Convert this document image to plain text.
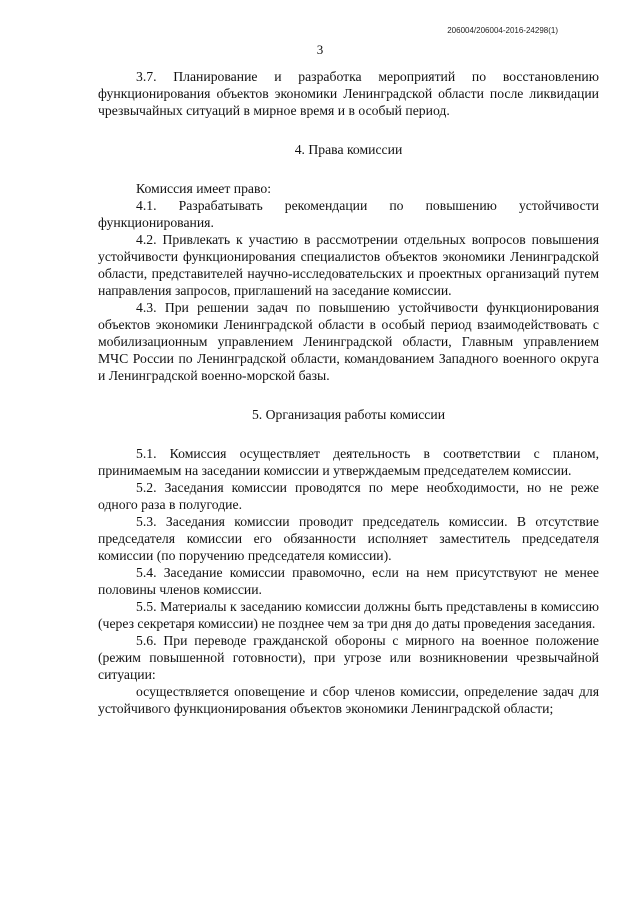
206004/206004-2016-24298(1)
3

3.7. Планирование и разработка мероприятий по восстановлению функционирования объектов экономики Ленинградской области после ликвидации чрезвычайных ситуаций в мирное время и в особый период.

4. Права комиссии

Комиссия имеет право:

4.1. Разрабатывать рекомендации по повышению устойчивости функционирования.

4.2. Привлекать к участию в рассмотрении отдельных вопросов повышения устойчивости функционирования специалистов объектов экономики Ленинградской области, представителей научно-исследовательских и проектных организаций путем направления запросов, приглашений на заседание комиссии.

4.3. При решении задач по повышению устойчивости функционирования объектов экономики Ленинградской области в особый период взаимодействовать с мобилизационным управлением Ленинградской области, Главным управлением МЧС России по Ленинградской области, командованием Западного военного округа и Ленинградской военно-морской базы.

5. Организация работы комиссии

5.1. Комиссия осуществляет деятельность в соответствии с планом, принимаемым на заседании комиссии и утверждаемым председателем комиссии.

5.2. Заседания комиссии проводятся по мере необходимости, но не реже одного раза в полугодие.

5.3. Заседания комиссии проводит председатель комиссии. В отсутствие председателя комиссии его обязанности исполняет заместитель председателя комиссии (по поручению председателя комиссии).

5.4. Заседание комиссии правомочно, если на нем присутствуют не менее половины членов комиссии.

5.5. Материалы к заседанию комиссии должны быть представлены в комиссию (через секретаря комиссии) не позднее чем за три дня до даты проведения заседания.

5.6. При переводе гражданской обороны с мирного на военное положение (режим повышенной готовности), при угрозе или возникновении чрезвычайной ситуации:

осуществляется оповещение и сбор членов комиссии, определение задач для устойчивого функционирования объектов экономики Ленинградской области;
